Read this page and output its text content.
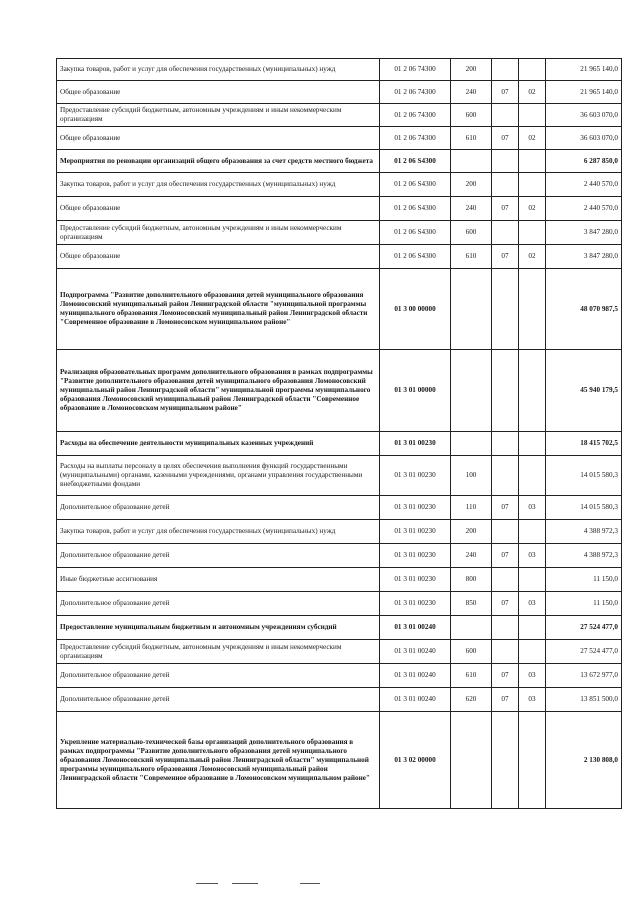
Закупка товаров, работ и услуг для обеспечения государственных (муниципальных) нужд	01 2 06 74300	200			21 965 140,0
Общее образование	01 2 06 74300	240	07	02	21 965 140,0
Предоставление субсидий бюджетным, автономным учреждениям и иным некоммерческим организациям	01 2 06 74300	600			36 603 070,0
Общее образование	01 2 06 74300	610	07	02	36 603 070,0
Мероприятия по реновации организаций общего образования за счет средств местного бюджета	01 2 06 S4300				6 287 850,0
Закупка товаров, работ и услуг для обеспечения государственных (муниципальных) нужд	01 2 06 S4300	200			2 440 570,0
Общее образование	01 2 06 S4300	240	07	02	2 440 570,0
Предоставление субсидий бюджетным, автономным учреждениям и иным некоммерческим организациям	01 2 06 S4300	600			3 847 280,0
Общее образование	01 2 06 S4300	610	07	02	3 847 280,0
Подпрограмма "Развитие дополнительного образования детей муниципального образования Ломоносовский муниципальный район Ленинградской области "муниципальной программы муниципального образования Ломоносовский муниципальный район Ленинградской области "Современное образование в Ломоносовском муниципальном районе"	01 3 00 00000				48 070 987,5
Реализация образовательных программ дополнительного образования в рамках подпрограммы "Развитие дополнительного образования детей муниципального образования Ломоносовский муниципальный район Ленинградской области" муниципальной программы муниципального образования Ломоносовский муниципальный район Ленинградской области "Современное образование в Ломоносовском муниципальном районе"	01 3 01 00000				45 940 179,5
Расходы на обеспечение деятельности муниципальных казенных учреждений	01 3 01 00230				18 415 702,5
Расходы на выплаты персоналу в целях обеспечения выполнения функций государственными (муниципальными) органами, казенными учреждениями, органами управления государственными внебюджетными фондами	01 3 01 00230	100			14 015 580,3
Дополнительное образование детей	01 3 01 00230	110	07	03	14 015 580,3
Закупка товаров, работ и услуг для обеспечения государственных (муниципальных) нужд	01 3 01 00230	200			4 388 972,3
Дополнительное образование детей	01 3 01 00230	240	07	03	4 388 972,3
Иные бюджетные ассигнования	01 3 01 00230	800			11 150,0
Дополнительное образование детей	01 3 01 00230	850	07	03	11 150,0
Предоставление муниципальным бюджетным и автономным учреждениям субсидий	01 3 01 00240				27 524 477,0
Предоставление субсидий бюджетным, автономным учреждениям и иным некоммерческим организациям	01 3 01 00240	600			27 524 477,0
Дополнительное образование детей	01 3 01 00240	610	07	03	13 672 977,0
Дополнительное образование детей	01 3 01 00240	620	07	03	13 851 500,0
Укрепление материально-технической базы организаций дополнительного образования в рамках подпрограммы "Развитие дополнительного образования детей муниципального образования Ломоносовский муниципальный район Ленинградской области" муниципальной программы муниципального образования Ломоносовский муниципальный район Ленинградской области "Современное образование в Ломоносовском муниципальном районе"	01 3 02 00000				2 130 808,0
